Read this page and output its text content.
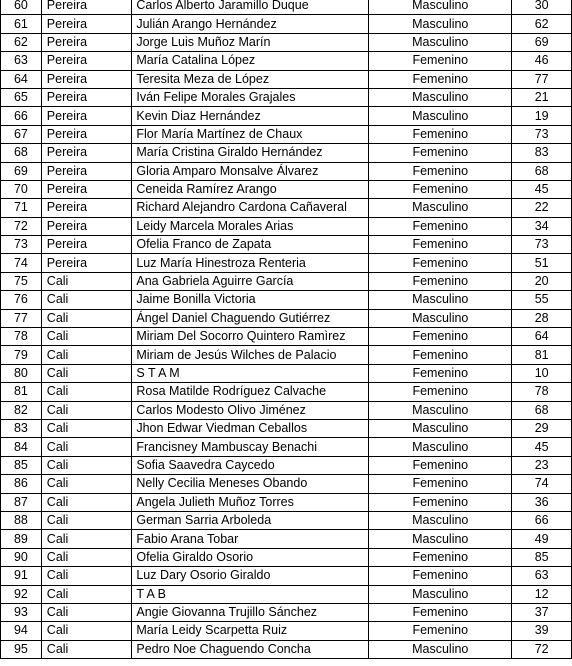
60	Pereira	Carlos Alberto Jaramillo Duque	Masculino	30
61	Pereira	Julián Arango Hernández	Masculino	62
62	Pereira	Jorge Luis Muñoz Marín	Masculino	69
63	Pereira	María Catalina López	Femenino	46
64	Pereira	Teresita Meza de López	Femenino	77
65	Pereira	Iván Felipe Morales Grajales	Masculino	21
66	Pereira	Kevin Diaz Hernández	Masculino	19
67	Pereira	Flor María Martínez de Chaux	Femenino	73
68	Pereira	María Cristina Giraldo Hernández	Femenino	83
69	Pereira	Gloria Amparo Monsalve Álvarez	Femenino	68
70	Pereira	Ceneida Ramírez Arango	Femenino	45
71	Pereira	Richard Alejandro Cardona Cañaveral	Masculino	22
72	Pereira	Leidy Marcela Morales Arias	Femenino	34
73	Pereira	Ofelia Franco de Zapata	Femenino	73
74	Pereira	Luz María Hinestroza Renteria	Femenino	51
75	Cali	Ana Gabriela Aguirre García	Femenino	20
76	Cali	Jaime Bonilla Victoria	Masculino	55
77	Cali	Ángel Daniel Chaguendo Gutiérrez	Masculino	28
78	Cali	Miriam Del Socorro Quintero Ramìrez	Femenino	64
79	Cali	Miriam de Jesús Wilches de Palacio	Femenino	81
80	Cali	S T A M	Femenino	10
81	Cali	Rosa Matilde Rodríguez Calvache	Femenino	78
82	Cali	Carlos Modesto Olivo Jiménez	Masculino	68
83	Cali	Jhon Edwar Viedman Ceballos	Masculino	29
84	Cali	Francisney Mambuscay Benachi	Masculino	45
85	Cali	Sofia Saavedra Caycedo	Femenino	23
86	Cali	Nelly Cecilia Meneses Obando	Femenino	74
87	Cali	Angela Julieth Muñoz Torres	Femenino	36
88	Cali	German Sarria Arboleda	Masculino	66
89	Cali	Fabio Arana Tobar	Masculino	49
90	Cali	Ofelia Giraldo Osorio	Femenino	85
91	Cali	Luz Dary Osorio Giraldo	Femenino	63
92	Cali	T A B	Masculino	12
93	Cali	Angie Giovanna Trujillo Sánchez	Femenino	37
94	Cali	María Leidy Scarpetta Ruiz	Femenino	39
95	Cali	Pedro Noe Chaguendo Concha	Masculino	72
